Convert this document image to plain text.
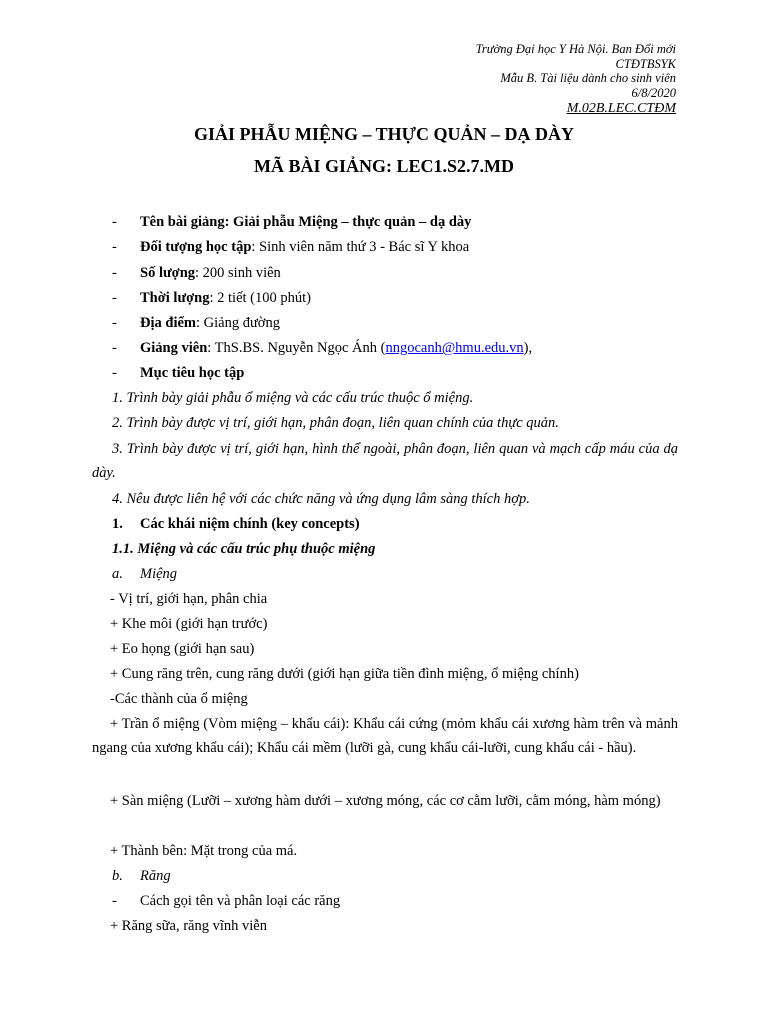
Trường Đại học Y Hà Nội. Ban Đổi mới
CTĐTBSYK
Mẫu B. Tài liệu dành cho sinh viên
6/8/2020
M.02B.LEC.CTĐM
GIẢI PHẪU MIỆNG – THỰC QUẢN – DẠ DÀY
MÃ BÀI GIẢNG: LEC1.S2.7.MD
- Tên bài giảng: Giải phẫu Miệng – thực quản – dạ dày
- Đối tượng học tập: Sinh viên năm thứ 3 - Bác sĩ Y khoa
- Số lượng: 200 sinh viên
- Thời lượng: 2 tiết (100 phút)
- Địa điểm: Giảng đường
- Giảng viên: ThS.BS. Nguyễn Ngọc Ánh (nngocanh@hmu.edu.vn),
- Mục tiêu học tập
1. Trình bày giải phẫu ổ miệng và các cấu trúc thuộc ổ miệng.
2. Trình bày được vị trí, giới hạn, phân đoạn, liên quan chính của thực quản.
3. Trình bày được vị trí, giới hạn, hình thể ngoài, phân đoạn, liên quan và mạch cấp máu của dạ dày.
4. Nêu được liên hệ với các chức năng và ứng dụng lâm sàng thích hợp.
1. Các khái niệm chính (key concepts)
1.1. Miệng và các cấu trúc phụ thuộc miệng
a. Miệng
- Vị trí, giới hạn, phân chia
+ Khe môi (giới hạn trước)
+ Eo họng (giới hạn sau)
+ Cung răng trên, cung răng dưới (giới hạn giữa tiền đình miệng, ổ miệng chính)
-Các thành của ổ miệng
+ Trần ổ miệng (Vòm miệng – khẩu cái): Khẩu cái cứng (mỏm khẩu cái xương hàm trên và mảnh ngang của xương khẩu cái); Khẩu cái mềm (lưỡi gà, cung khẩu cái-lưỡi, cung khẩu cái - hầu).
+ Sàn miệng (Lưỡi – xương hàm dưới – xương móng, các cơ cằm lưỡi, cằm móng, hàm móng)
+ Thành bên: Mặt trong của má.
b. Răng
- Cách gọi tên và phân loại các răng
+ Răng sữa, răng vĩnh viễn
